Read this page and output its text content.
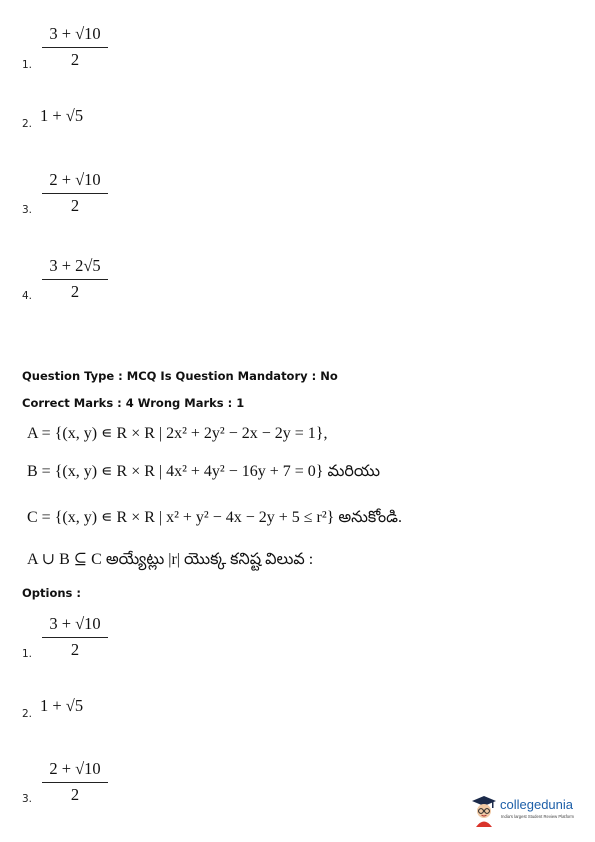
3 + √10
2
1.
2. 1 + √5
2 + √10
2
3.
3 + 2√5
2
4.
Question Type : MCQ Is Question Mandatory : No
Correct Marks : 4 Wrong Marks : 1
A = {(x, y) ∊ R × R | 2x² + 2y² − 2x − 2y = 1},
B = {(x, y) ∊ R × R | 4x² + 4y² − 16y + 7 = 0} మరియు
C = {(x, y) ∊ R × R | x² + y² − 4x − 2y + 5 ≤ r²} అనుకోండి.
A ∪ B ⊆ C అయ్యేట్లు |r| యొక్క కనిష్ట విలువ :
Options :
3 + √10
2
1.
2. 1 + √5
2 + √10
2
3.	collegedunia
India's largest Student Review Platform
